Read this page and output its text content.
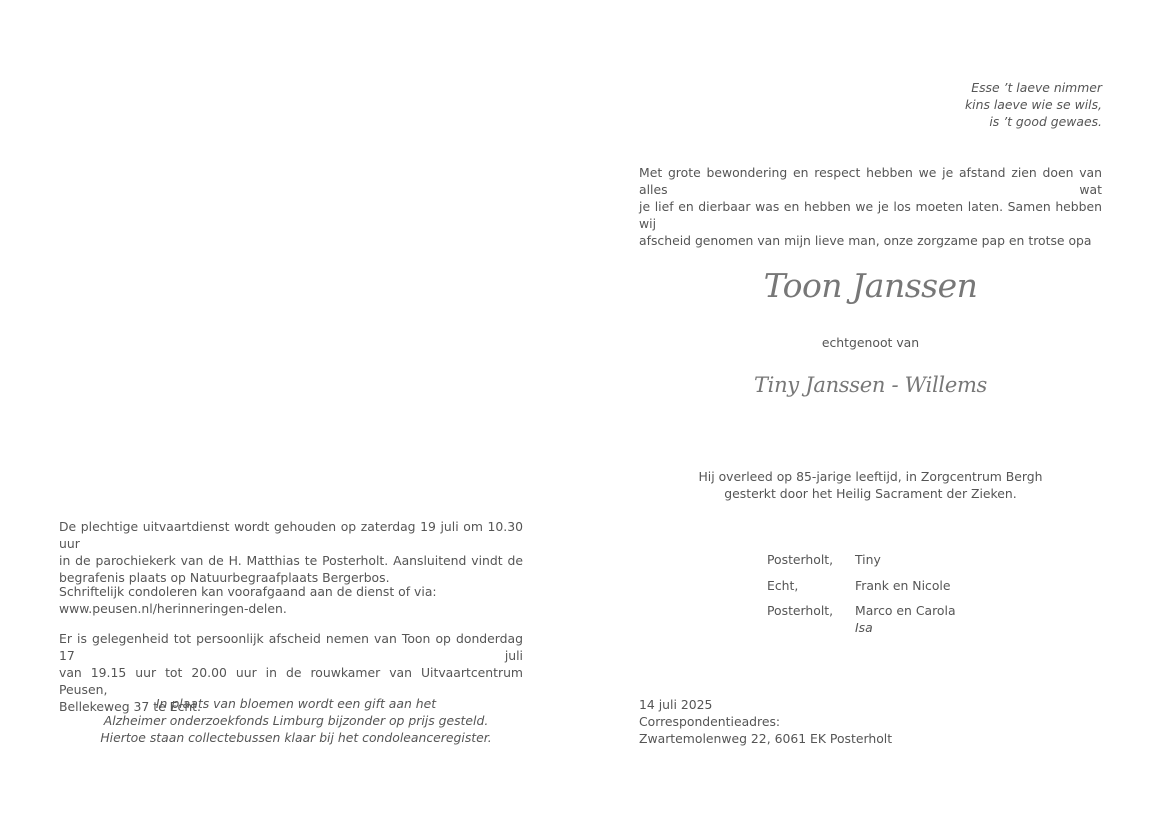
Esse ’t laeve nimmer
kins laeve wie se wils,
is ’t good gewaes.
Met grote bewondering en respect hebben we je afstand zien doen van alles wat
je lief en dierbaar was en hebben we je los moeten laten. Samen hebben wij
afscheid genomen van mijn lieve man, onze zorgzame pap en trotse opa
Toon Janssen
echtgenoot van
Tiny Janssen - Willems
Hij overleed op 85-jarige leeftijd, in Zorgcentrum Bergh
gesterkt door het Heilig Sacrament der Zieken.
Posterholt,	Tiny
Echt,	Frank en Nicole
Posterholt,	Marco en Carola
Isa
14 juli 2025
Correspondentieadres:
Zwartemolenweg 22, 6061 EK Posterholt
De plechtige uitvaartdienst wordt gehouden op zaterdag 19 juli om 10.30 uur
in de parochiekerk van de H. Matthias te Posterholt. Aansluitend vindt de
begrafenis plaats op Natuurbegraafplaats Bergerbos.
Schriftelijk condoleren kan voorafgaand aan de dienst of via:
www.peusen.nl/herinneringen-delen.
Er is gelegenheid tot persoonlijk afscheid nemen van Toon op donderdag 17 juli
van 19.15 uur tot 20.00 uur in de rouwkamer van Uitvaartcentrum Peusen,
Bellekeweg 37 te Echt.
In plaats van bloemen wordt een gift aan het
Alzheimer onderzoekfonds Limburg bijzonder op prijs gesteld.
Hiertoe staan collectebussen klaar bij het condoleanceregister.
